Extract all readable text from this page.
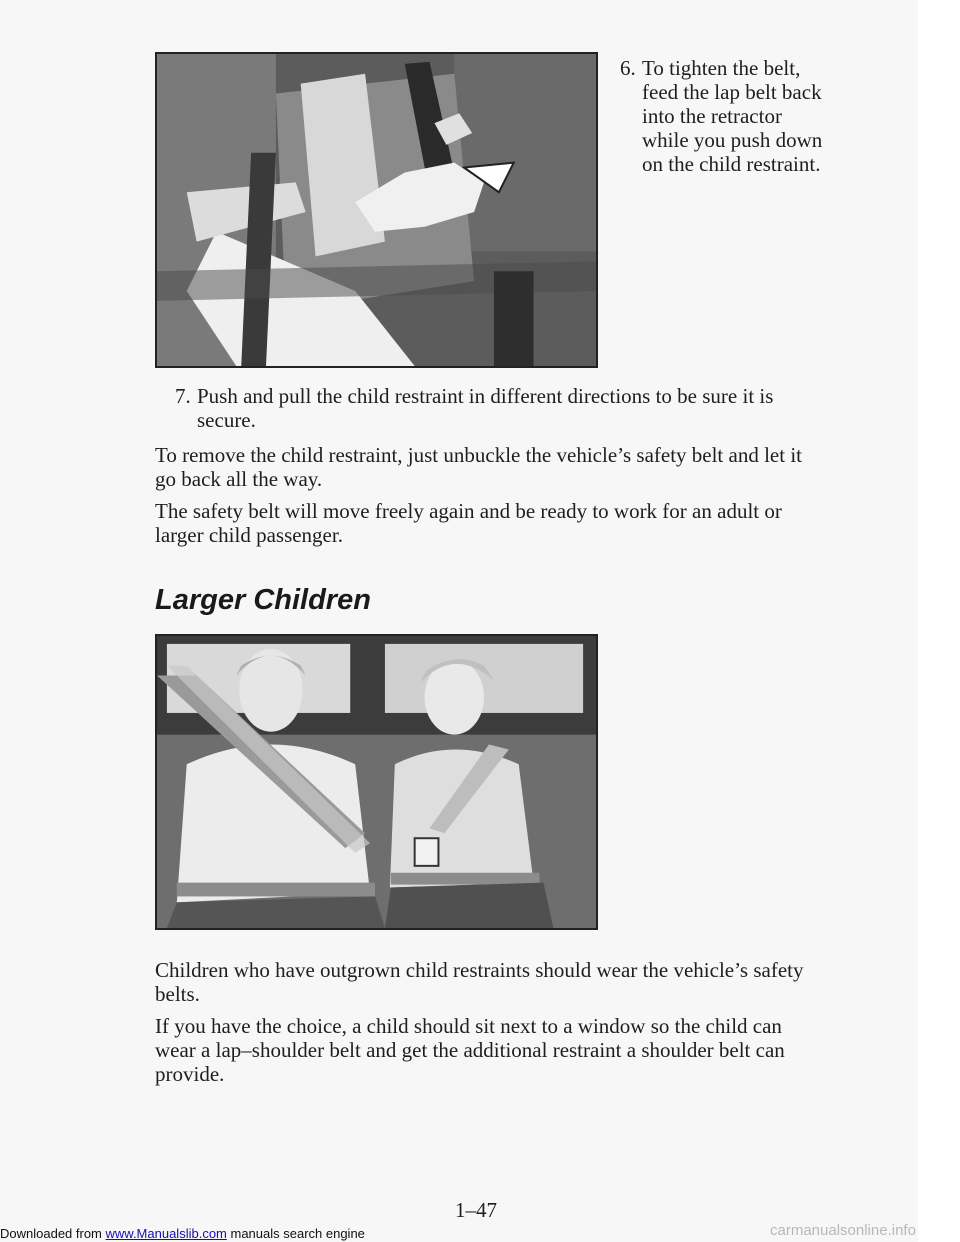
6. To tighten the belt, feed the lap belt back into the retractor while you push down on the child restraint.
7. Push and pull the child restraint in different directions to be sure it is secure.

To remove the child restraint, just unbuckle the vehicle’s safety belt and let it go back all the way.

The safety belt will move freely again and be ready to work for an adult or larger child passenger.

Larger Children

Children who have outgrown child restraints should wear the vehicle’s safety belts.

If you have the choice, a child should sit next to a window so the child can wear a lap–shoulder belt and get the additional restraint a shoulder belt can provide.

1–47
Downloaded from www.Manualslib.com manuals search engine	carmanualsonline.info
